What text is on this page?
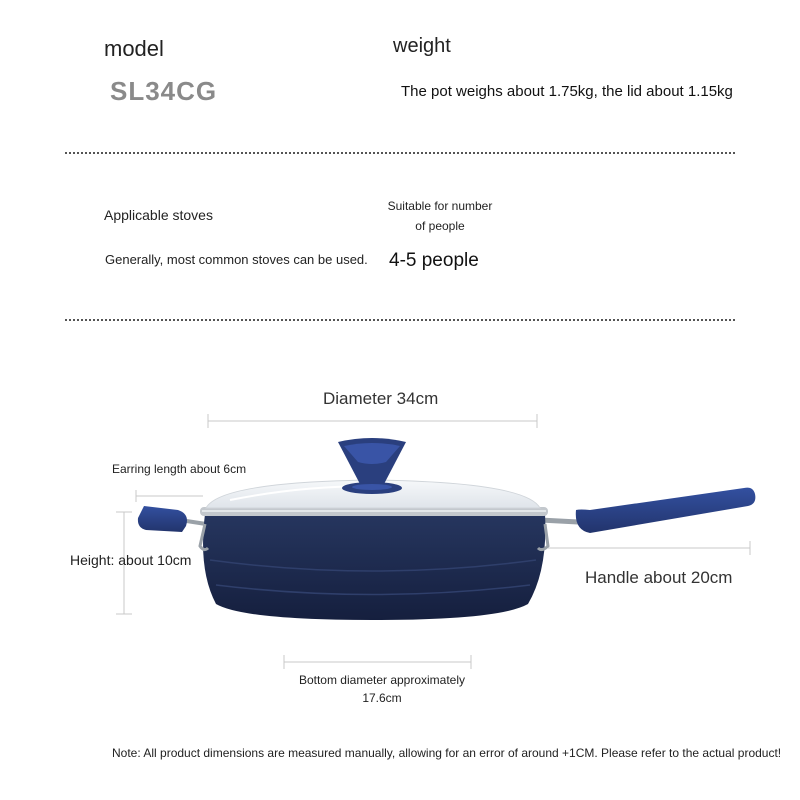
model
SL34CG
weight
The pot weighs about 1.75kg, the lid about 1.15kg
Applicable stoves
Generally, most common stoves can be used.
Suitable for number
of people
4-5 people
Diameter 34cm
Earring length about 6cm
Height: about 10cm
Handle about 20cm
Bottom diameter approximately
17.6cm
Note: All product dimensions are measured manually, allowing for an error of around +1CM. Please refer to the actual product!
